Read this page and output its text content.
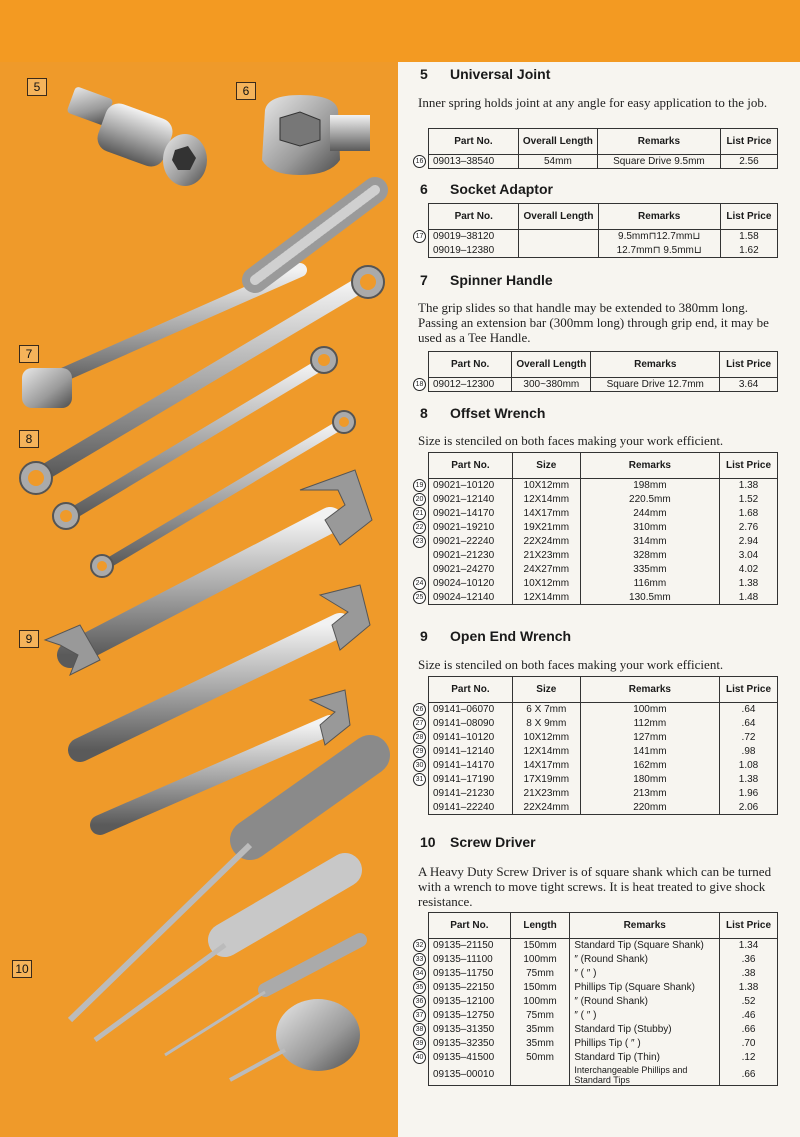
5	6
7
8
9
10
5 Universal Joint
Inner spring holds joint at any angle for easy application to the job.
Part No.	Overall Length	Remarks	List Price
09013–38540	54mm	Square Drive 9.5mm	2.56
6 Socket Adaptor
Part No.	Overall Length	Remarks	List Price
09019–38120		9.5mm⊓12.7mm⊔	1.58
09019–12380		12.7mm⊓ 9.5mm⊔	1.62
7 Spinner Handle
The grip slides so that handle may be extended to 380mm long. Passing an extension bar (300mm long) through grip end, it may be used as a Tee Handle.
Part No.	Overall Length	Remarks	List Price
09012–12300	300~380mm	Square Drive 12.7mm	3.64
8 Offset Wrench
Size is stenciled on both faces making your work efficient.
Part No.	Size	Remarks	List Price
09021–10120	10X12mm	198mm	1.38
09021–12140	12X14mm	220.5mm	1.52
09021–14170	14X17mm	244mm	1.68
09021–19210	19X21mm	310mm	2.76
09021–22240	22X24mm	314mm	2.94
09021–21230	21X23mm	328mm	3.04
09021–24270	24X27mm	335mm	4.02
09024–10120	10X12mm	116mm	1.38
09024–12140	12X14mm	130.5mm	1.48
9 Open End Wrench
Size is stenciled on both faces making your work efficient.
Part No.	Size	Remarks	List Price
09141–06070	6 X 7mm	100mm	.64
09141–08090	8 X 9mm	112mm	.64
09141–10120	10X12mm	127mm	.72
09141–12140	12X14mm	141mm	.98
09141–14170	14X17mm	162mm	1.08
09141–17190	17X19mm	180mm	1.38
09141–21230	21X23mm	213mm	1.96
09141–22240	22X24mm	220mm	2.06
10 Screw Driver
A Heavy Duty Screw Driver is of square shank which can be turned with a wrench to move tight screws. It is heat treated to give shock resistance.
Part No.	Length	Remarks	List Price
09135–21150	150mm	Standard Tip (Square Shank)	1.34
09135–11100	100mm	″ (Round Shank)	.36
09135–11750	75mm	″ ( ″ )	.38
09135–22150	150mm	Phillips Tip (Square Shank)	1.38
09135–12100	100mm	″ (Round Shank)	.52
09135–12750	75mm	″ ( ″ )	.46
09135–31350	35mm	Standard Tip (Stubby)	.66
09135–32350	35mm	Phillips Tip ( ″ )	.70
09135–41500	50mm	Standard Tip (Thin)	.12
09135–00010		Interchangeable Phillips and Standard Tips	.66
16
17
18
19
20
21
22
23
24
25
26
27
28
29
30
31
32
33
34
35
36
37
38
39
40
